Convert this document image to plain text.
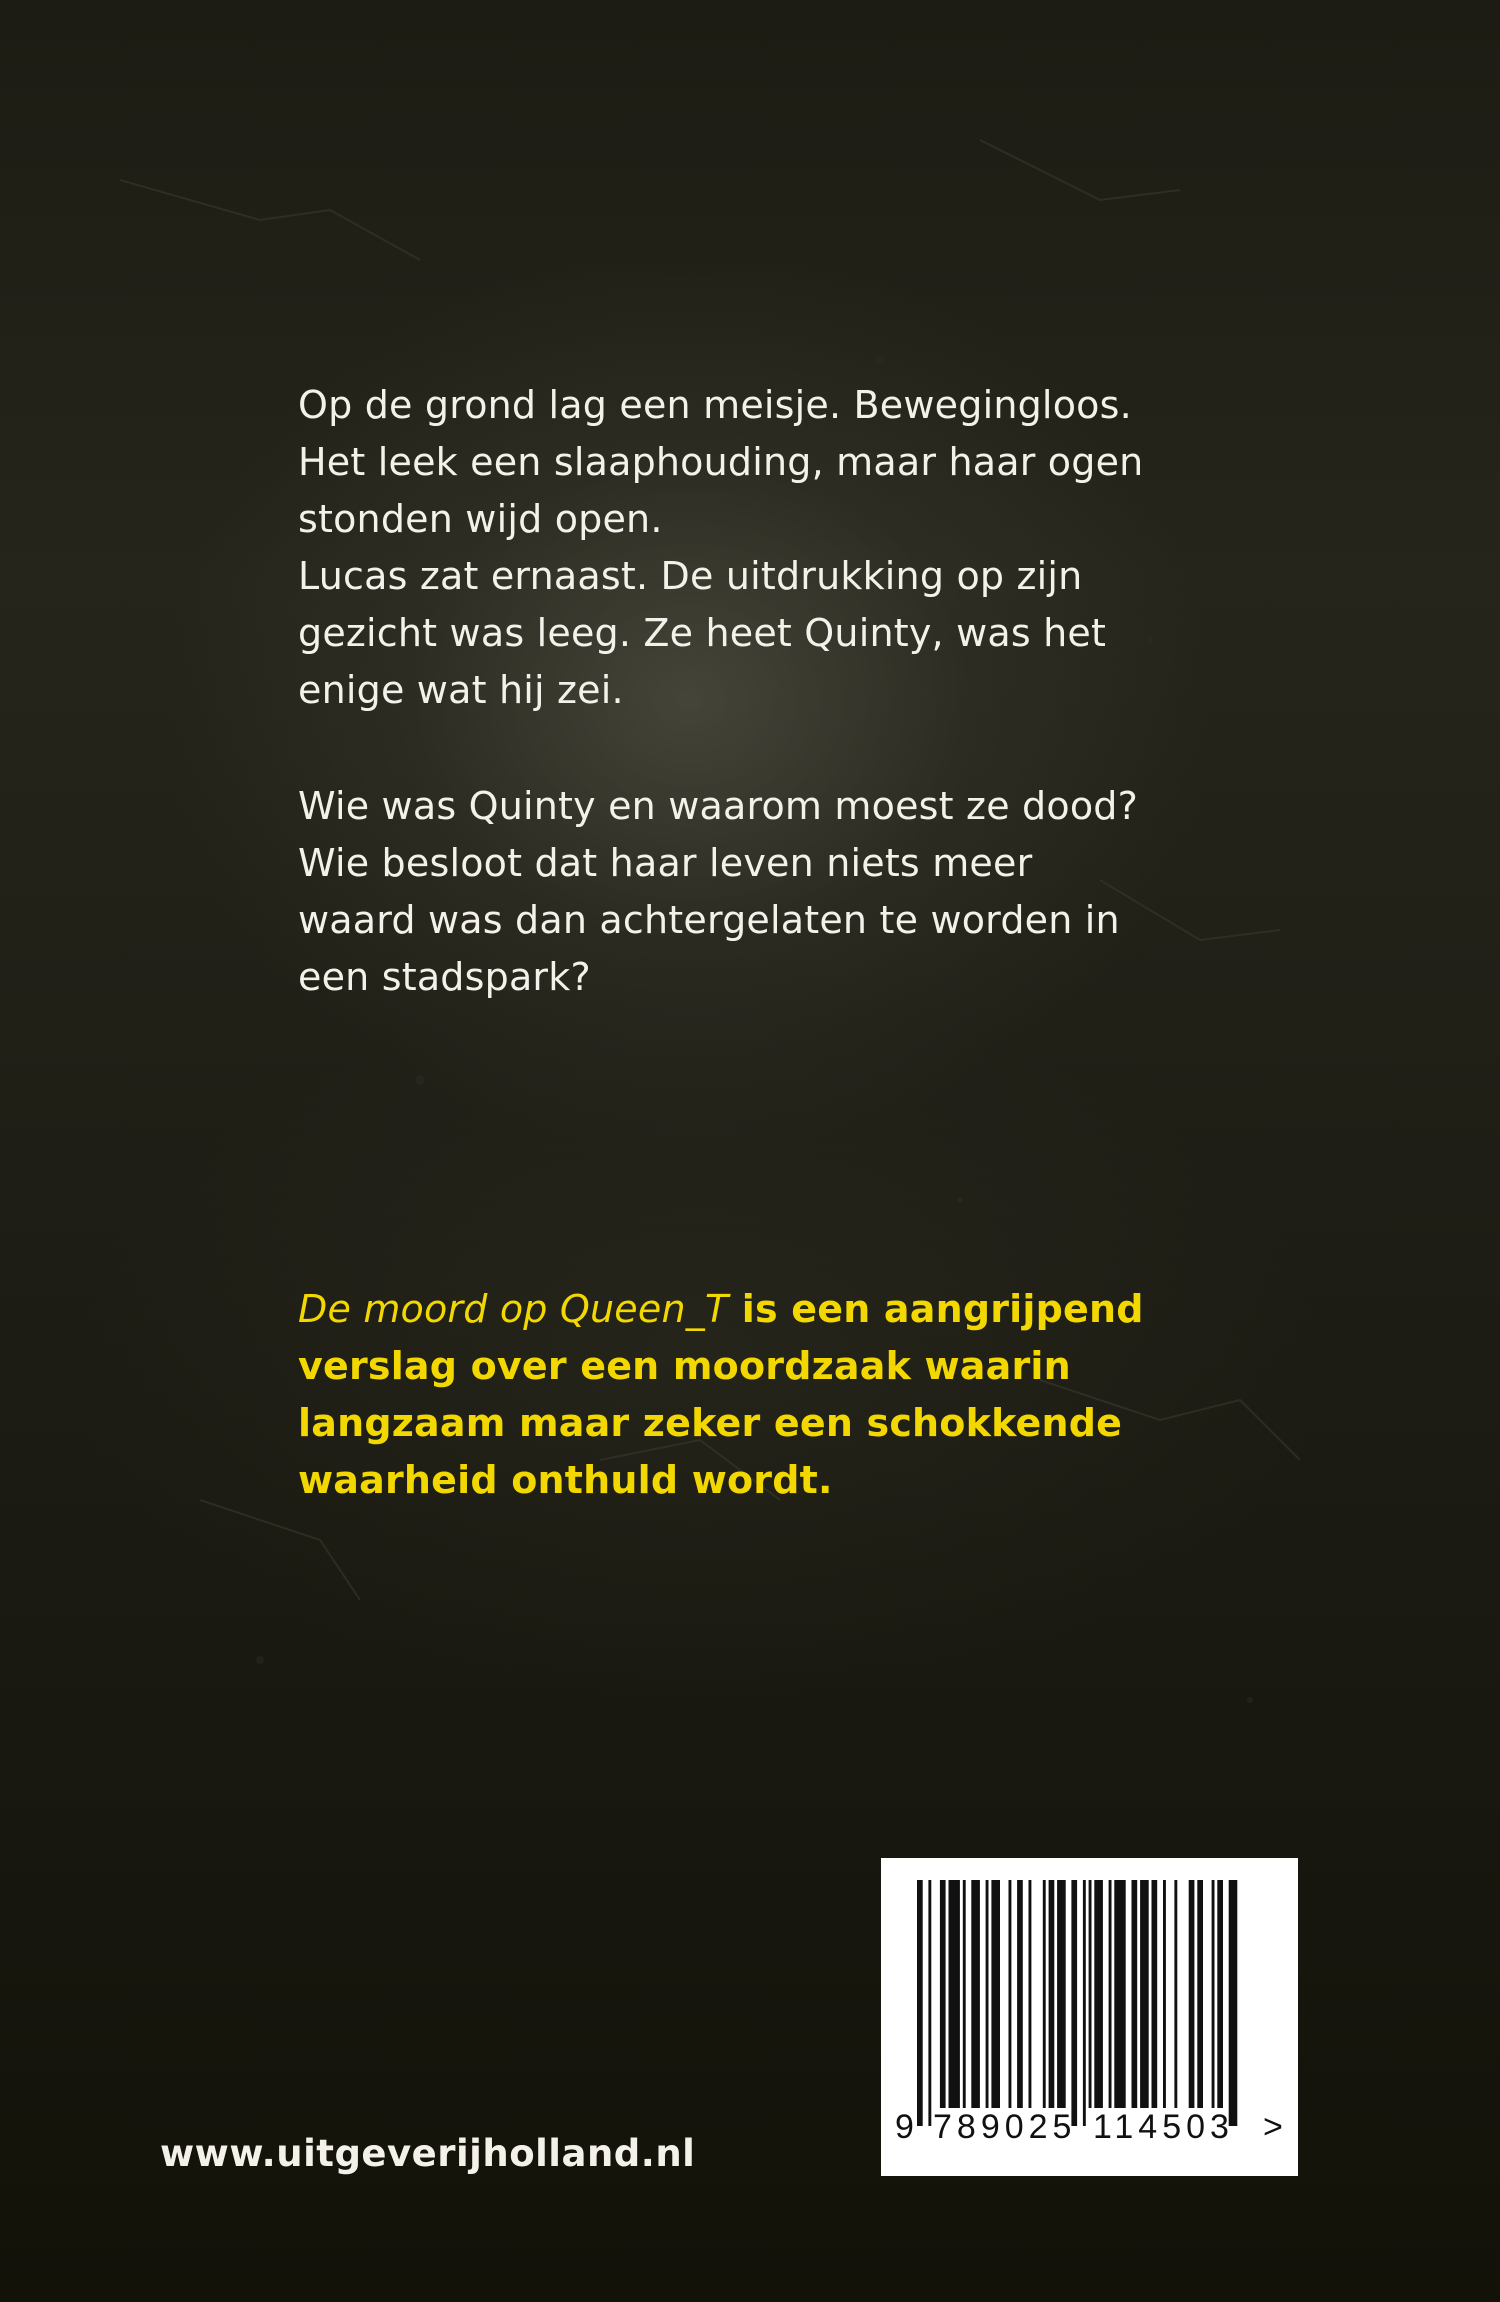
Op de grond lag een meisje. Bewegingloos.

Het leek een slaaphouding, maar haar ogen

stonden wijd open.

Lucas zat ernaast. De uitdrukking op zijn

gezicht was leeg. Ze heet Quinty, was het

enige wat hij zei.

Wie was Quinty en waarom moest ze dood?

Wie besloot dat haar leven niets meer

waard was dan achtergelaten te worden in

een stadspark?

De moord op Queen_T is een aangrijpend
verslag over een moordzaak waarin
langzaam maar zeker een schokkende
waarheid onthuld wordt.
www.uitgeverijholland.nl
9 789025 114503 >
